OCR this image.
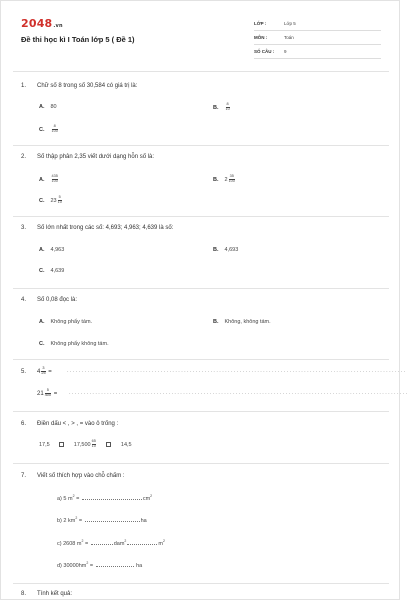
2048.vn
Đề thi học kì I Toán lớp 5 ( Đề 1)
LỚP :	Lớp 5
MÔN :	Toán
SỐ CÂU :	9
1. Chữ số 8 trong số 30,584 có giá trị là:
A. 80	B. $\frac{8}{10}$
C. $\frac{8}{100}$
2. Số thập phân 2,35 viết dưới dạng hỗn số là:
A. $\frac{435}{100}$	B. $2 \frac{35}{100}$
C. $23 \frac{5}{10}$
3. Số lớn nhất trong các số: 4,693; 4,963; 4,639 là số:
A. 4,963	B. 4,693
C. 4,639
4. Số 0,08 đọc là:
A. Không phẩy tám.	B. Không, không tám.
C. Không phẩy không tám.
5. $4 \frac{3}{25}$ =	....................................................................................................................
$21 \frac{5}{400}$ = ....................................................................................................................
6. Điền dấu < , > , = vào ô trống :
17,5	$17,500 \frac{65}{10}$	14,5
7. Viết số thích hợp vào chỗ chấm :
a) 5 $m^2$ =	$cm^2$
b) 2 $km^2$ =	ha
c) 2608 $m^2$ =	dam$^2$	$m^2$
d) $30000hm^2$ =	ha
8. Tính kết quả:
